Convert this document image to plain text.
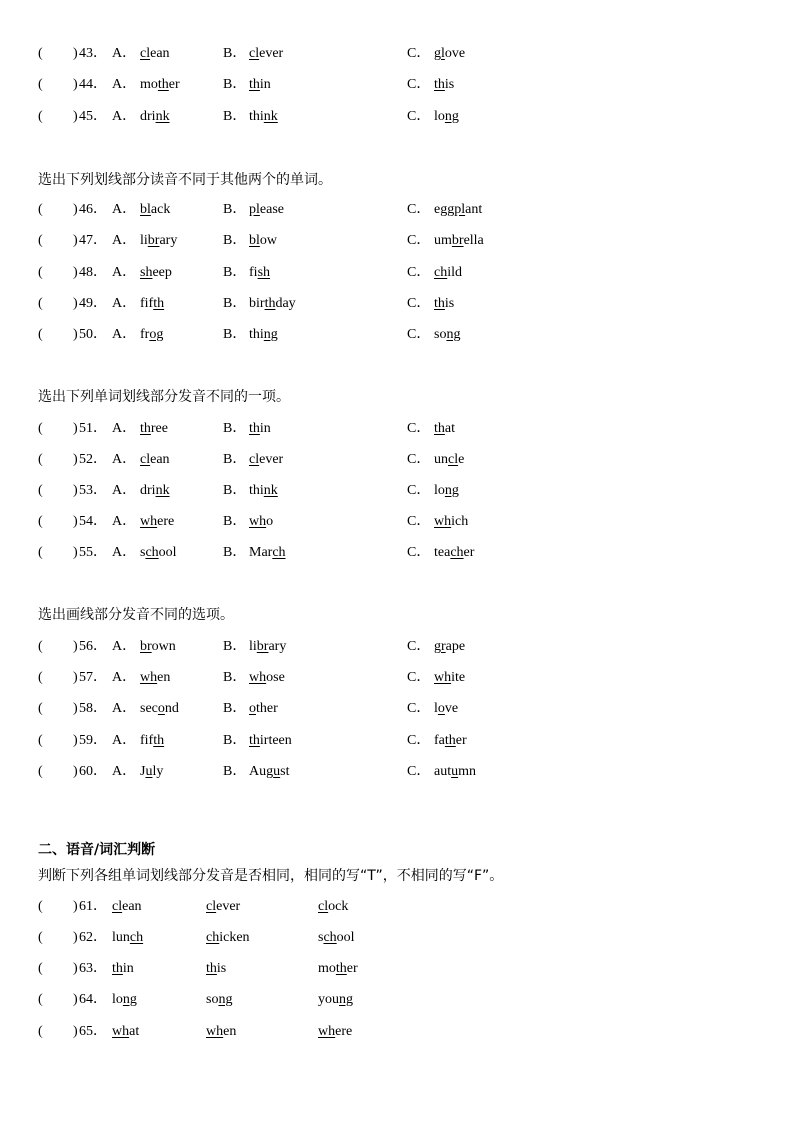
( ) 43． A． clean	B． clever	C． glove
( ) 44． A． mother	B． thin	C． this
( ) 45． A． drink	B． think	C． long
选出下列划线部分读音不同于其他两个的单词。
( ) 46． A． black	B． please	C． eggplant
( ) 47． A． library	B． blow	C． umbrella
( ) 48． A． sheep	B． fish	C． child
( ) 49． A． fifth	B． birthday	C． this
( ) 50． A． frog	B． thing	C． song
选出下列单词划线部分发音不同的一项。
( ) 51． A． three	B． thin	C． that
( ) 52． A． clean	B． clever	C． uncle
( ) 53． A． drink	B． think	C． long
( ) 54． A． where	B． who	C． which
( ) 55． A． school	B． March	C． teacher
选出画线部分发音不同的选项。
( ) 56． A． brown	B． library	C． grape
( ) 57． A． when	B． whose	C． white
( ) 58． A． second	B． other	C． love
( ) 59． A． fifth	B． thirteen	C． father
( ) 60． A． July	B． August	C． autumn
二、语音/词汇判断
判断下列各组单词划线部分发音是否相同，相同的写“T”，不相同的写“F”。
( ) 61． clean	clever	clock
( ) 62． lunch	chicken	school
( ) 63． thin	this	mother
( ) 64． long	song	young
( ) 65． what	when	where
